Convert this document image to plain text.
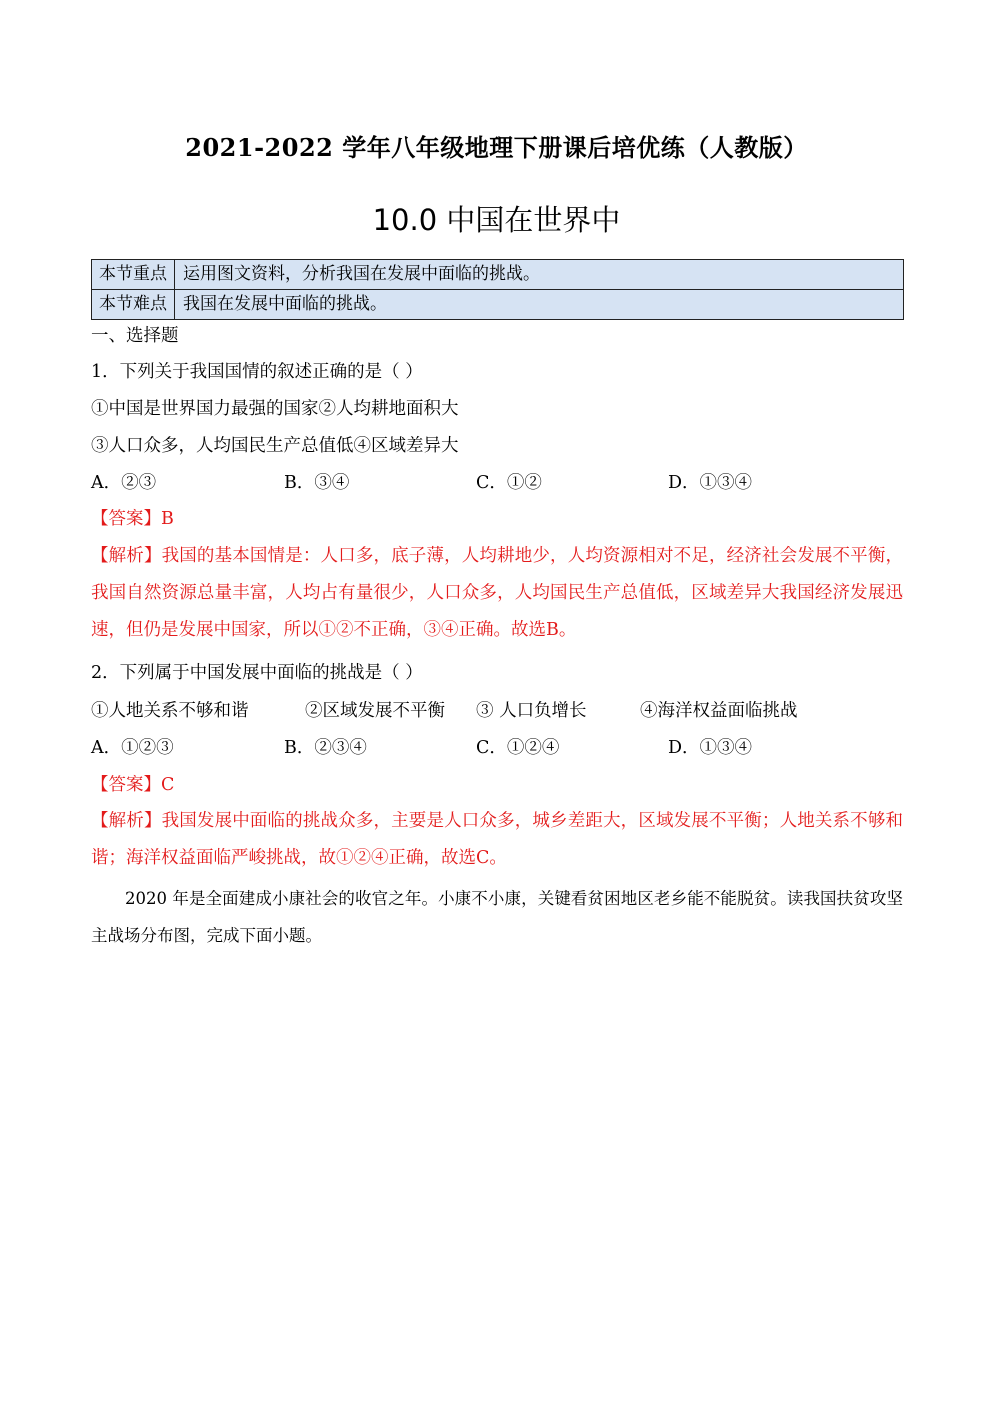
2021-2022 学年八年级地理下册课后培优练（人教版）
10.0 中国在世界中
本节重点	运用图文资料，分析我国在发展中面临的挑战。
本节难点	我国在发展中面临的挑战。
一、选择题
1．下列关于我国国情的叙述正确的是（ ）
①中国是世界国力最强的国家②人均耕地面积大
③人口众多，人均国民生产总值低④区域差异大
A．②③	B．③④	C．①②	D．①③④
【答案】B
【解析】我国的基本国情是：人口多，底子薄，人均耕地少，人均资源相对不足，经济社会发展不平衡，我国自然资源总量丰富，人均占有量很少，人口众多，人均国民生产总值低，区域差异大我国经济发展迅速，但仍是发展中国家，所以①②不正确，③④正确。故选B。
2．下列属于中国发展中面临的挑战是（ ）
①人地关系不够和谐	②区域发展不平衡 ③ 人口负增长	④海洋权益面临挑战
A．①②③	B．②③④	C．①②④	D．①③④
【答案】C
【解析】我国发展中面临的挑战众多，主要是人口众多，城乡差距大，区域发展不平衡；人地关系不够和谐；海洋权益面临严峻挑战，故①②④正确，故选C。
2020 年是全面建成小康社会的收官之年。小康不小康，关键看贫困地区老乡能不能脱贫。读我国扶贫攻坚主战场分布图，完成下面小题。
